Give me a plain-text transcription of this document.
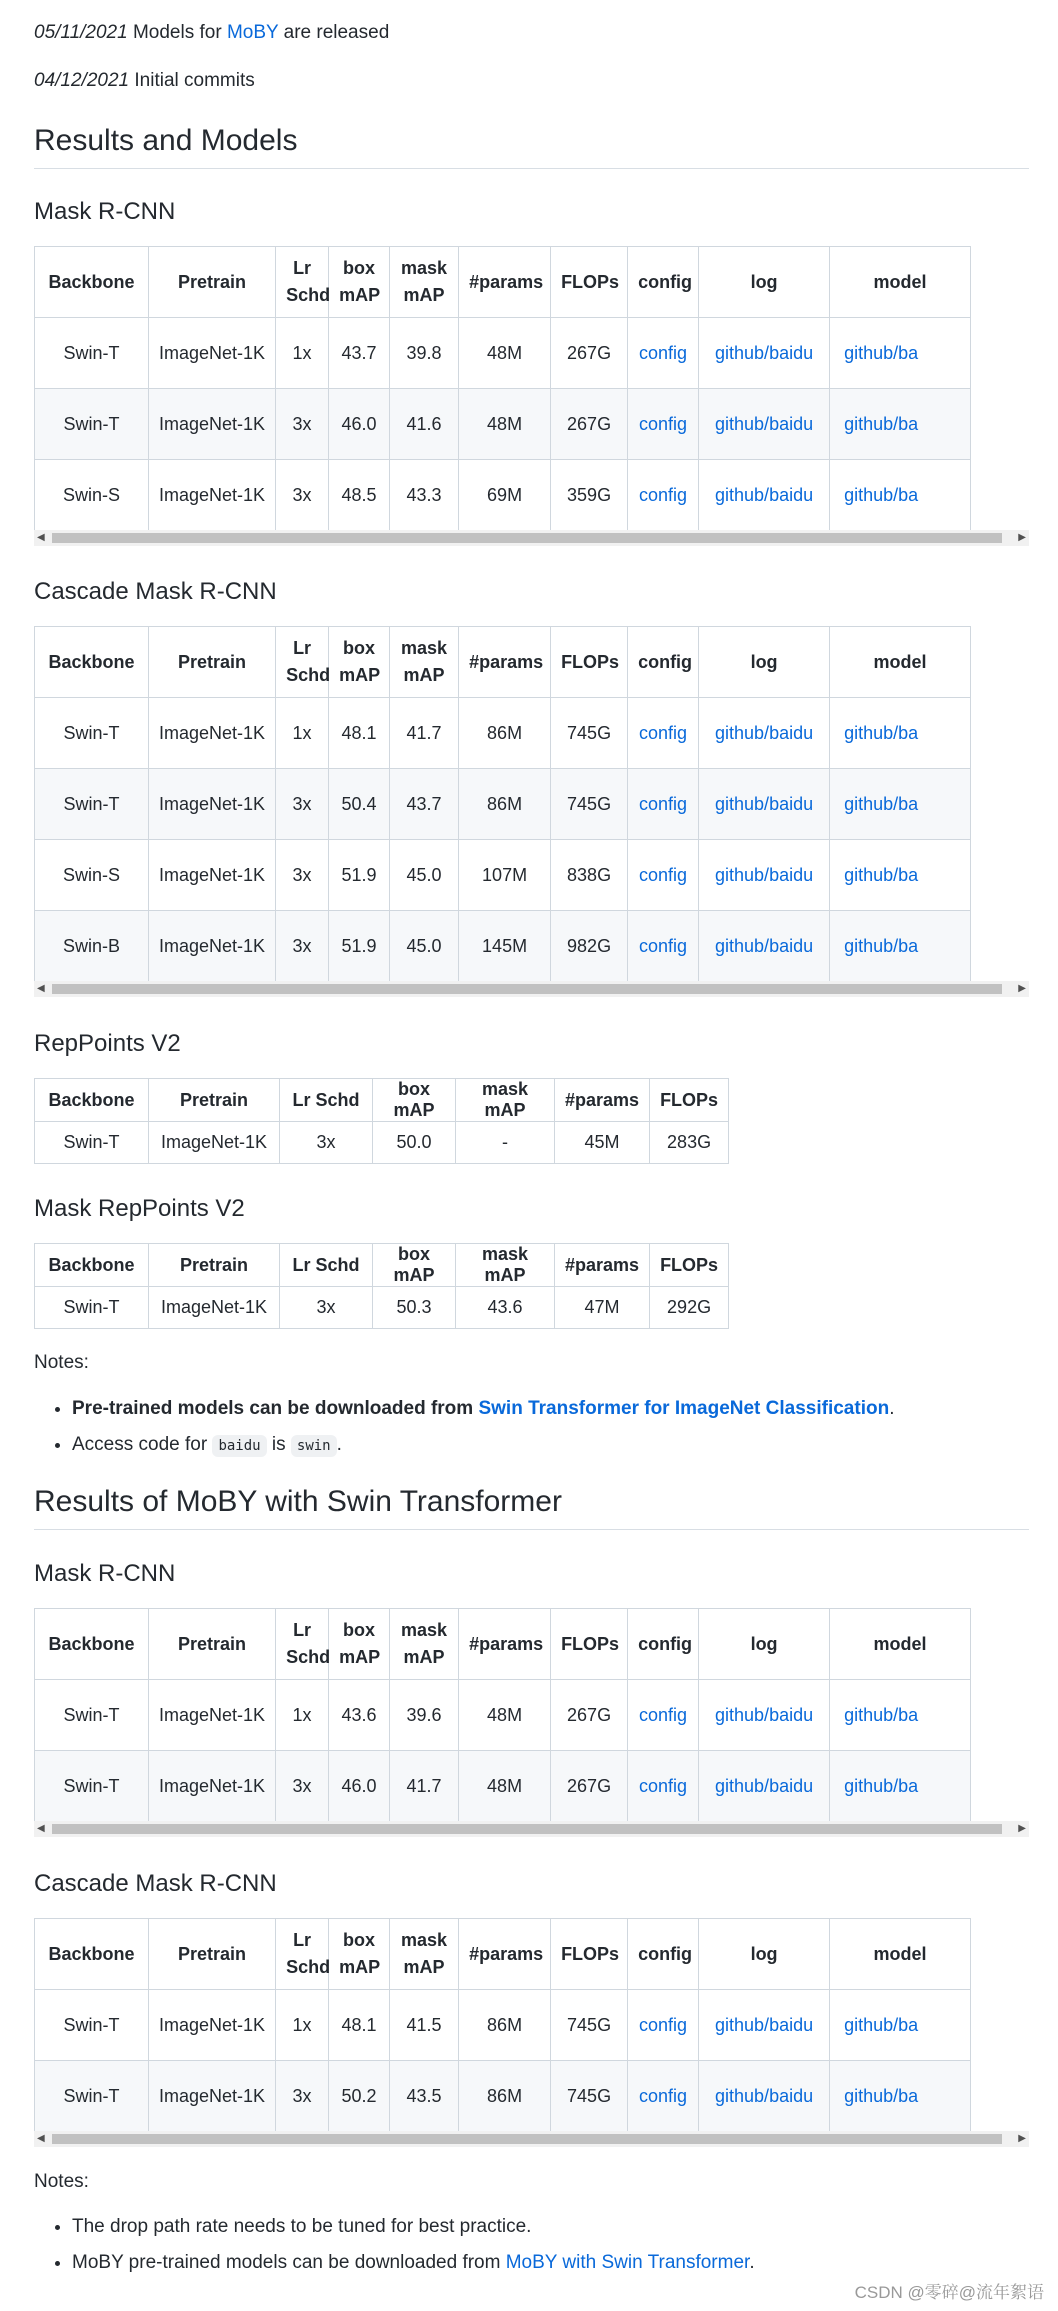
05/11/2021 Models for MoBY are released

04/12/2021 Initial commits

Results and Models
Mask R-CNN
Backbone	Pretrain	Lr Schd	box mAP	mask mAP	#params	FLOPs	config	log	model
Swin-T	ImageNet-1K	1x	43.7	39.8	48M	267G	config	github/baidu	github/ba
Swin-T	ImageNet-1K	3x	46.0	41.6	48M	267G	config	github/baidu	github/ba
Swin-S	ImageNet-1K	3x	48.5	43.3	69M	359G	config	github/baidu	github/ba
◀	▶
Cascade Mask R-CNN
Backbone	Pretrain	Lr Schd	box mAP	mask mAP	#params	FLOPs	config	log	model
Swin-T	ImageNet-1K	1x	48.1	41.7	86M	745G	config	github/baidu	github/ba
Swin-T	ImageNet-1K	3x	50.4	43.7	86M	745G	config	github/baidu	github/ba
Swin-S	ImageNet-1K	3x	51.9	45.0	107M	838G	config	github/baidu	github/ba
Swin-B	ImageNet-1K	3x	51.9	45.0	145M	982G	config	github/baidu	github/ba
◀	▶
RepPoints V2
Backbone	Pretrain	Lr Schd	box mAP	mask mAP	#params	FLOPs
Swin-T	ImageNet-1K	3x	50.0	-	45M	283G
Mask RepPoints V2
Backbone	Pretrain	Lr Schd	box mAP	mask mAP	#params	FLOPs
Swin-T	ImageNet-1K	3x	50.3	43.6	47M	292G
Notes:
• Pre-trained models can be downloaded from Swin Transformer for ImageNet Classification.
• Access code for baidu is swin .
Results of MoBY with Swin Transformer
Mask R-CNN
Backbone	Pretrain	Lr Schd	box mAP	mask mAP	#params	FLOPs	config	log	model
Swin-T	ImageNet-1K	1x	43.6	39.6	48M	267G	config	github/baidu	github/ba
Swin-T	ImageNet-1K	3x	46.0	41.7	48M	267G	config	github/baidu	github/ba
◀	▶
Cascade Mask R-CNN
Backbone	Pretrain	Lr Schd	box mAP	mask mAP	#params	FLOPs	config	log	model
Swin-T	ImageNet-1K	1x	48.1	41.5	86M	745G	config	github/baidu	github/ba
Swin-T	ImageNet-1K	3x	50.2	43.5	86M	745G	config	github/baidu	github/ba
◀	▶
Notes:
• The drop path rate needs to be tuned for best practice.
• MoBY pre-trained models can be downloaded from MoBY with Swin Transformer.
CSDN @零碎@流年絮语
